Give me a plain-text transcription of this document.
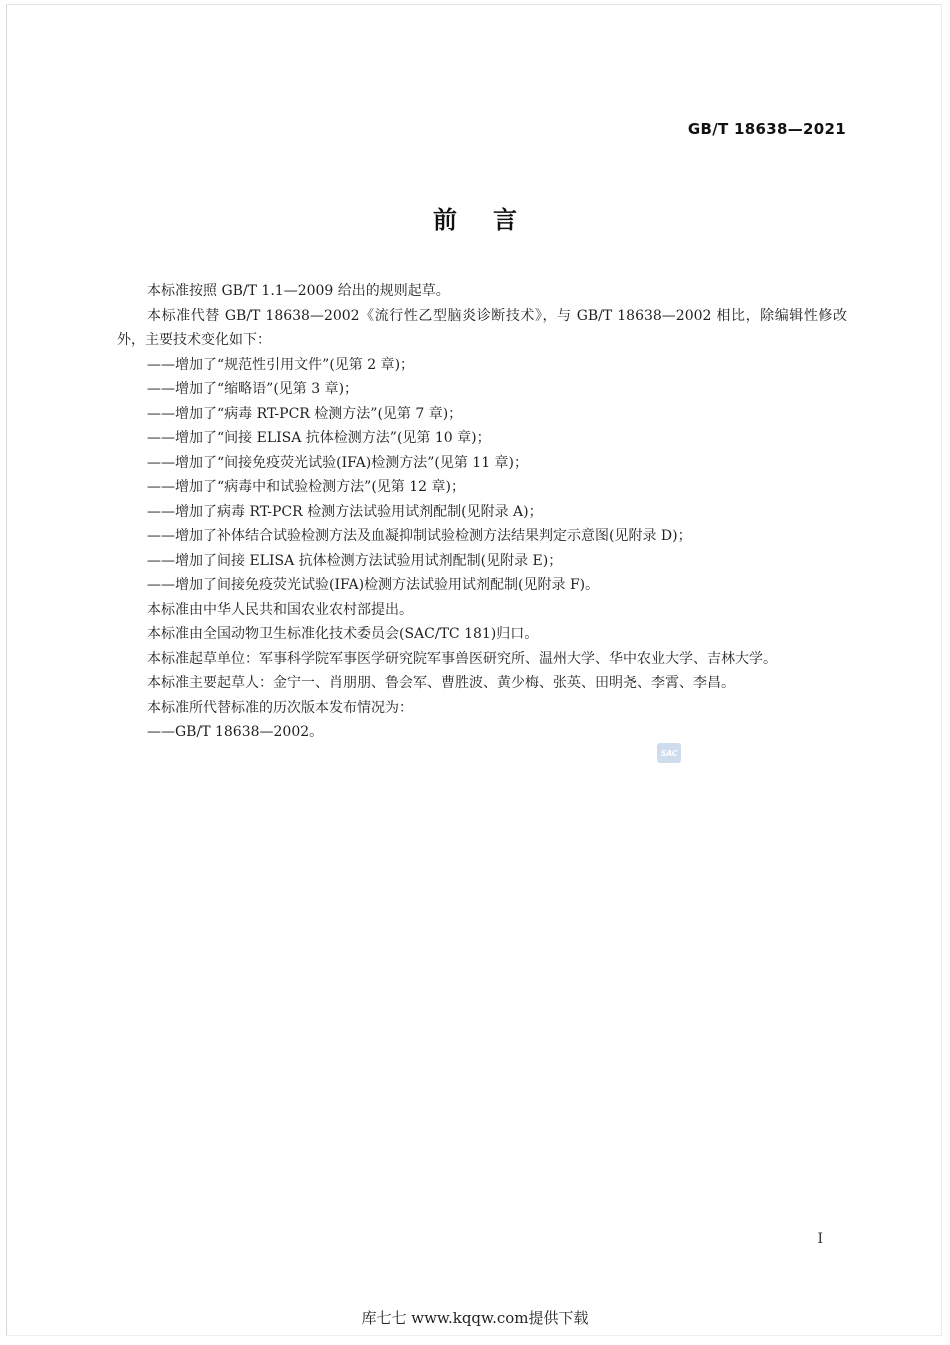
GB/T 18638—2021
前言

本标准按照 GB/T 1.1—2009 给出的规则起草。

本标准代替 GB/T 18638—2002《流行性乙型脑炎诊断技术》，与 GB/T 18638—2002 相比，除编辑性修改外，主要技术变化如下：

——增加了“规范性引用文件”(见第 2 章)；

——增加了“缩略语”(见第 3 章)；

——增加了“病毒 RT-PCR 检测方法”(见第 7 章)；

——增加了“间接 ELISA 抗体检测方法”(见第 10 章)；

——增加了“间接免疫荧光试验(IFA)检测方法”(见第 11 章)；

——增加了“病毒中和试验检测方法”(见第 12 章)；

——增加了病毒 RT-PCR 检测方法试验用试剂配制(见附录 A)；

——增加了补体结合试验检测方法及血凝抑制试验检测方法结果判定示意图(见附录 D)；

——增加了间接 ELISA 抗体检测方法试验用试剂配制(见附录 E)；

——增加了间接免疫荧光试验(IFA)检测方法试验用试剂配制(见附录 F)。

本标准由中华人民共和国农业农村部提出。

本标准由全国动物卫生标准化技术委员会(SAC/TC 181)归口。

本标准起草单位：军事科学院军事医学研究院军事兽医研究所、温州大学、华中农业大学、吉林大学。

本标准主要起草人：金宁一、肖朋朋、鲁会军、曹胜波、黄少梅、张英、田明尧、李霄、李昌。

本标准所代替标准的历次版本发布情况为：

——GB/T 18638—2002。

SAC
I
库七七 www.kqqw.com提供下载
